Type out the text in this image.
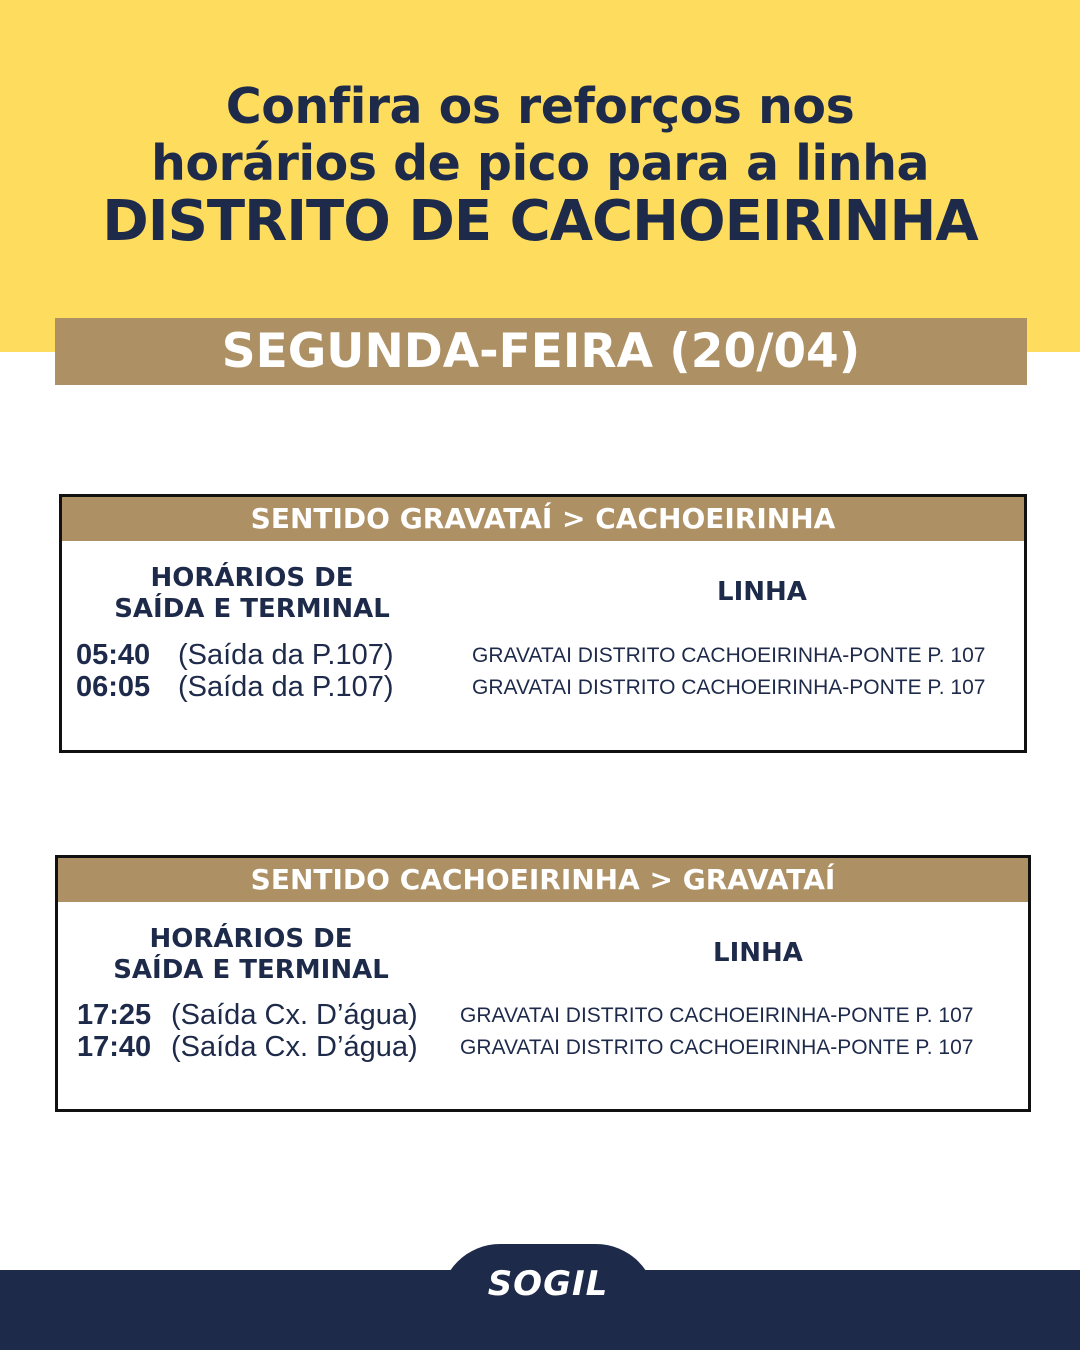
Confira os reforços nos
horários de pico para a linha
DISTRITO DE CACHOEIRINHA
SEGUNDA-FEIRA (20/04)
SENTIDO GRAVATAÍ > CACHOEIRINHA
HORÁRIOS DE
SAÍDA E TERMINAL
LINHA
05:40 (Saída da P.107)	GRAVATAI DISTRITO CACHOEIRINHA-PONTE P. 107
06:05 (Saída da P.107)	GRAVATAI DISTRITO CACHOEIRINHA-PONTE P. 107
SENTIDO CACHOEIRINHA > GRAVATAÍ
HORÁRIOS DE
SAÍDA E TERMINAL
LINHA
17:25 (Saída Cx. D’água) GRAVATAI DISTRITO CACHOEIRINHA-PONTE P. 107
17:40 (Saída Cx. D’água) GRAVATAI DISTRITO CACHOEIRINHA-PONTE P. 107
SOGIL
